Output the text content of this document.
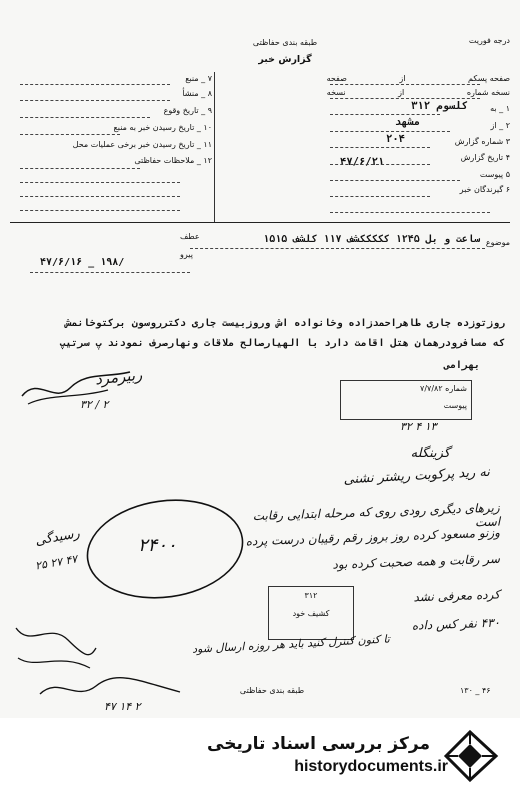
درجه فوریت
طبقه بندی حفاظتی
گزارش خبر
صفحه پسکم از صفحه
نسخه شماره از نسخه
۱ _ به
کلسوم ۳۱۲
۲ _ از
مشهد
۳ شماره گزارش
۲۰۴
۴ تاریخ گزارش
۴۷/۶/۲۱
۵ پیوست
۶ گیرندگان خبر
۷ _ منبع
۸ _ منشأ
۹ _ تاریخ وقوع
۱۰ _ تاریخ رسیدن خبر به منبع
۱۱ _ تاریخ رسیدن خبر برخی عملیات محل
۱۲ _ ملاحظات حفاظتی
موضوع
ساعت و بل ۱۲۴۵ کککککشف ۱۱۷ کلشف ۱۵۱۵
عطف
پیرو
۴۷/۶/۱۶ _ ۱۹۸/
روزتوزده جاری طاهراحمدزاده وخانواده اش وروزبیست جاری دکترروسون برکتوخانمش
که مسافرودرهمان هتل اقامت دارد با الهیارصالح ملاقات ونهارصرف نمودند پ سرتیپ
بهرامی
ربیرمرد
۳۲ / ۲
شماره ۷/۷/۸۲
پیوست
۳۲ ۴ ۱۳
گزینگله
نه رید پرکوبت ریشتر نشنی
زیرهای دیگری رودی روی که مرحله ابتدایی رقابت است
وزنو مسعود کرده روز بروز رقم رقیبان درست پرده
سر رقابت و همه صحبت کرده بود
کرده معرفی نشد
۴۳۰ نفر کس داده
۲۴۰۰
رسیدگی
۲۵ ۲۷ ۴۷
۳۱۲
کشیف خود
تا کنون کنترل کنید باید هر روزه ارسال شود
۴۷ ۱۴ ۲
طبقه بندی حفاظتی	۱۳۰ _ ۴۶
مرکز بررسی اسناد تاریخی
historydocuments.ir
